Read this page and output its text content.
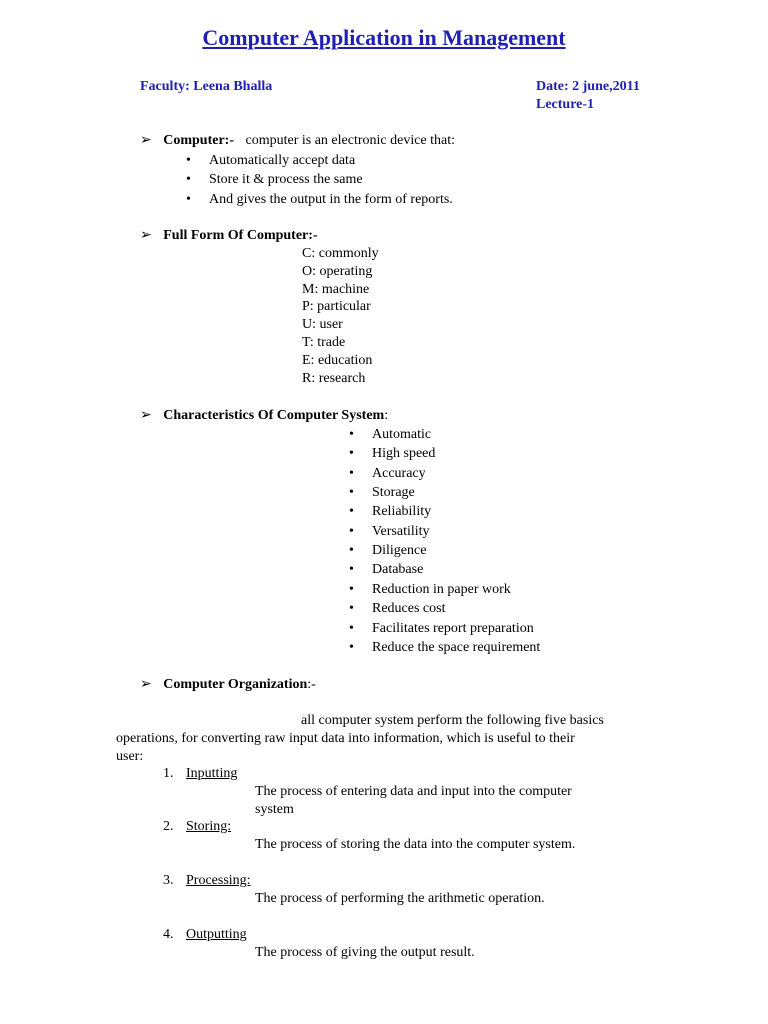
Computer Application in Management
Faculty: Leena Bhalla	Date: 2 june,2011
Lecture-1
➢ Computer:- computer is an electronic device that:
• Automatically accept data
• Store it & process the same
• And gives the output in the form of reports.
➢ Full Form Of Computer:-
C: commonly
O: operating
M: machine
P: particular
U: user
T: trade
E: education
R: research
➢ Characteristics Of Computer System:
• Automatic
• High speed
• Accuracy
• Storage
• Reliability
• Versatility
• Diligence
• Database
• Reduction in paper work
• Reduces cost
• Facilitates report preparation
• Reduce the space requirement
➢ Computer Organization:-
all computer system perform the following five basics
operations, for converting raw input data into information, which is useful to their
user:
1. Inputting
The process of entering data and input into the computer
system
2. Storing:
The process of storing the data into the computer system.
3. Processing:
The process of performing the arithmetic operation.
4. Outputting
The process of giving the output result.
